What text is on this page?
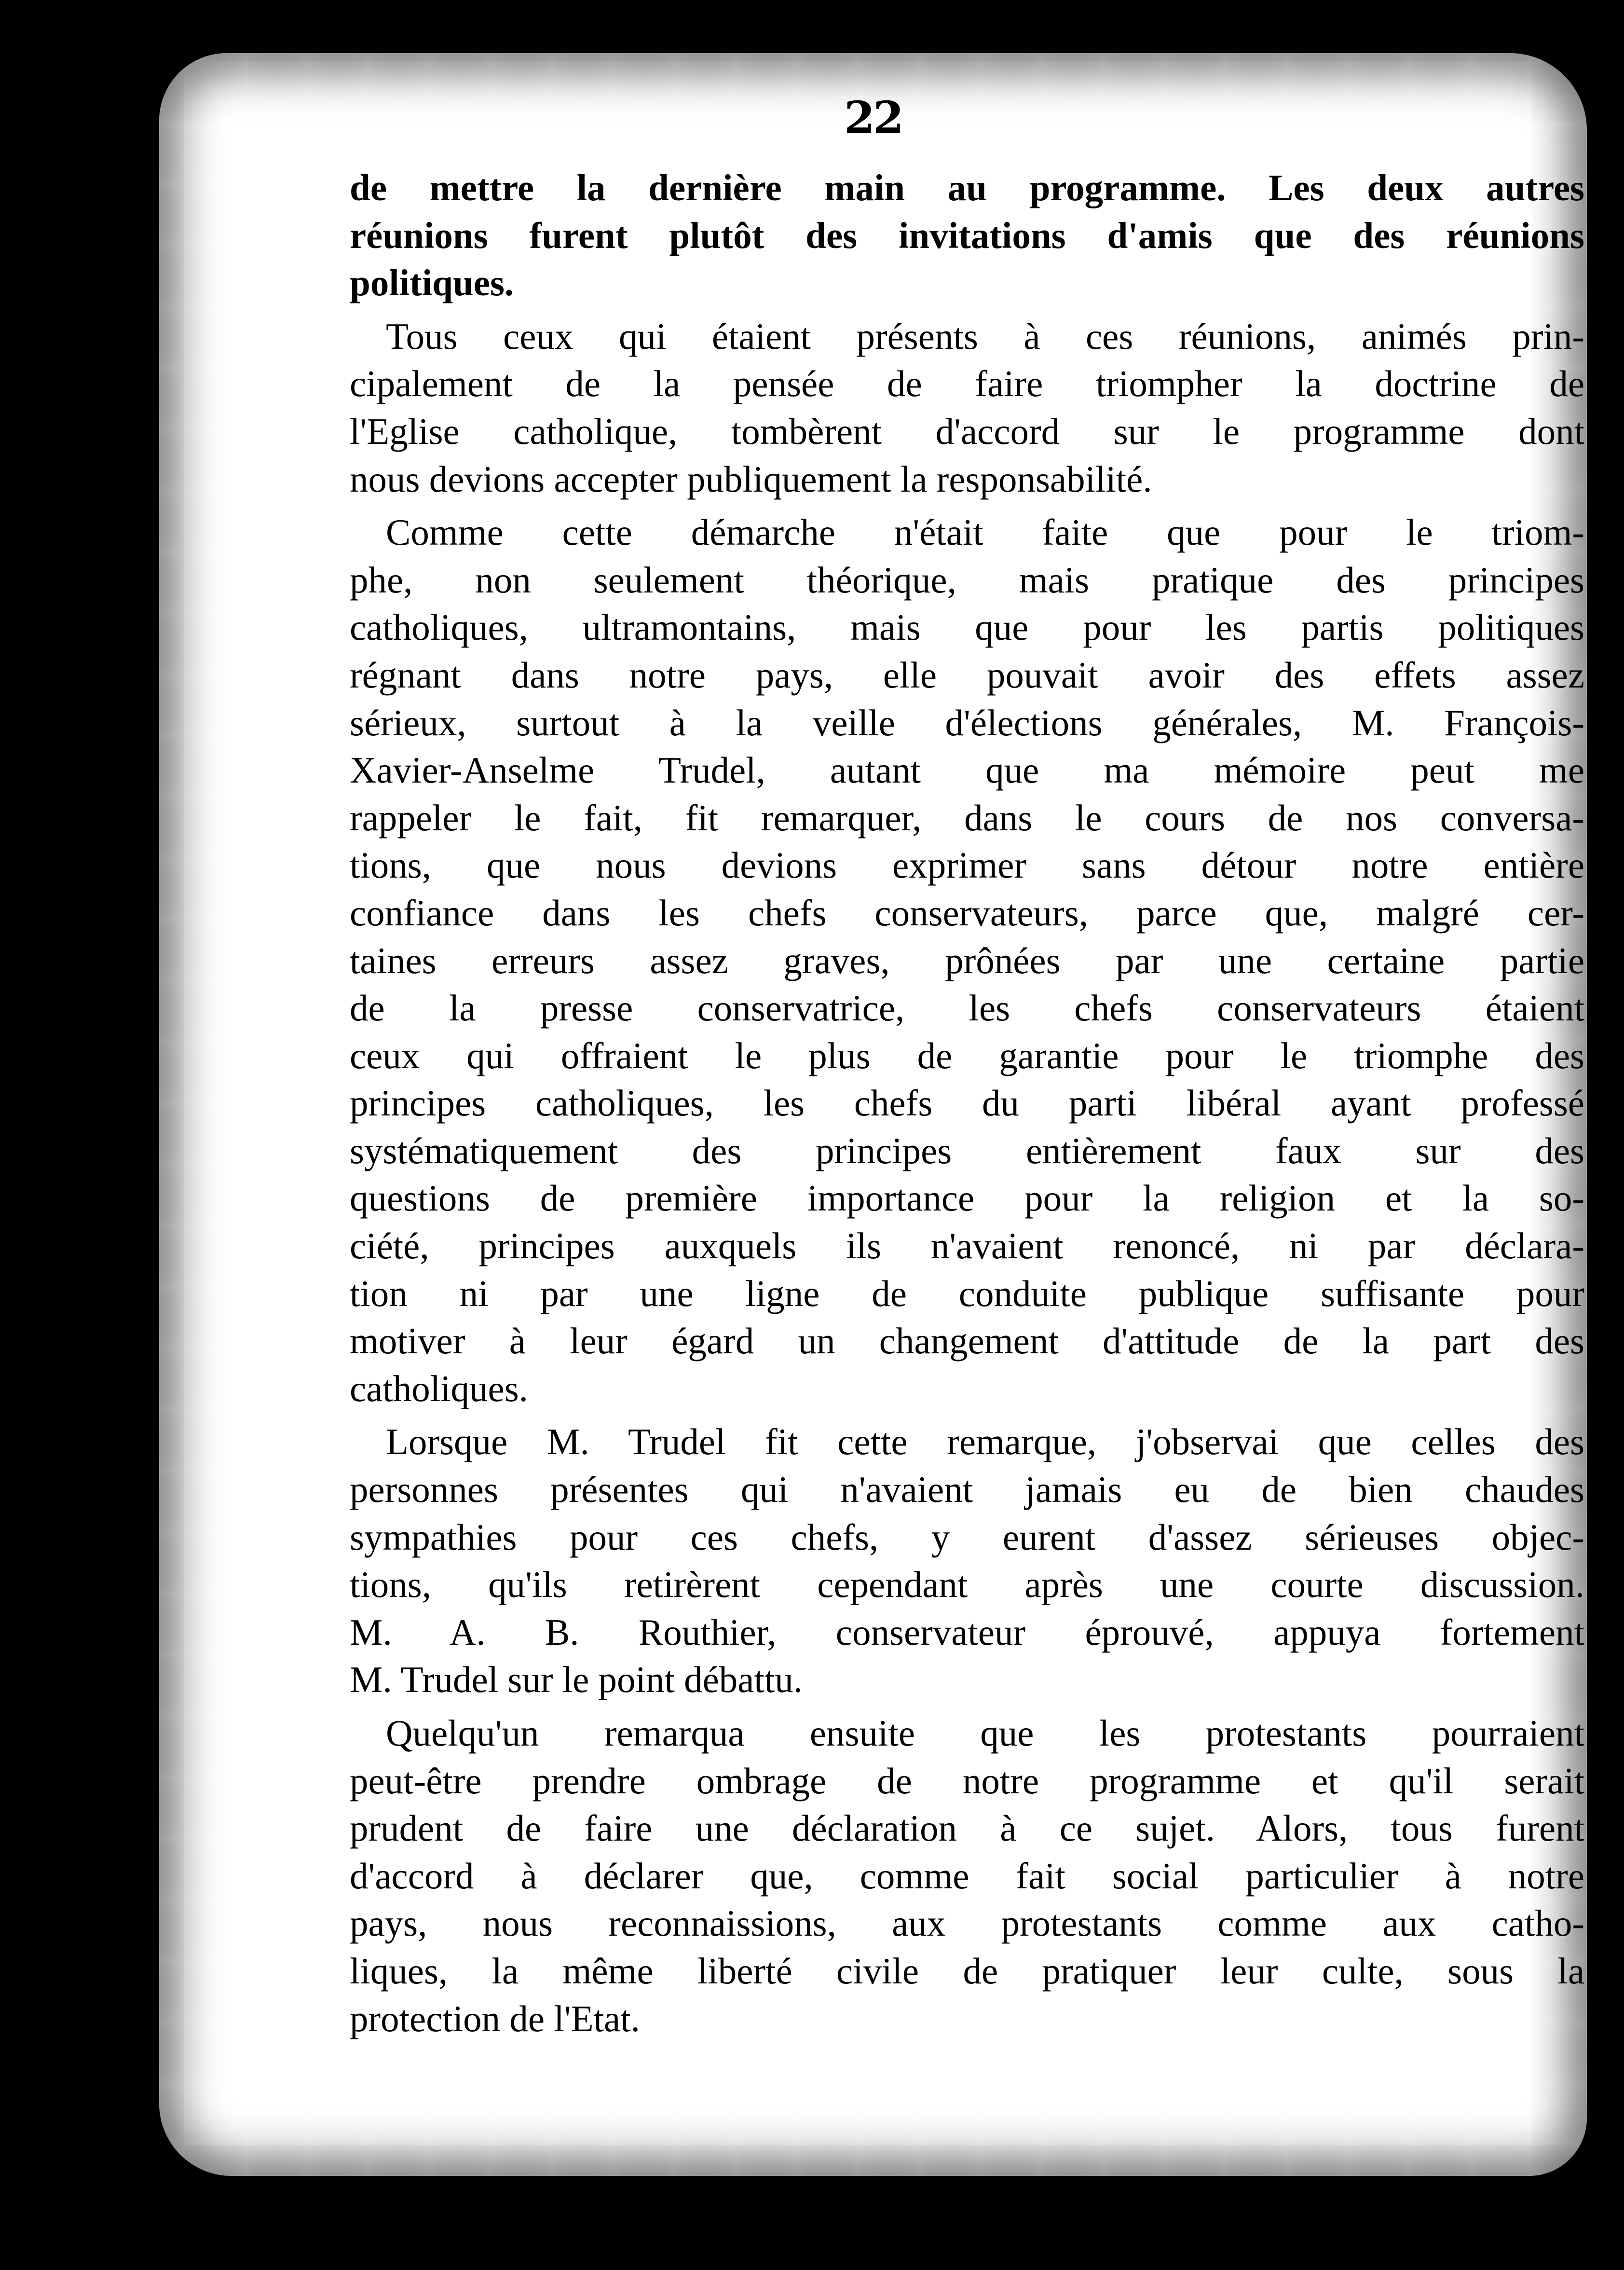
22
de mettre la dernière main au programme. Les deux autres
réunions furent plutôt des invitations d'amis que des réunions
politiques.
Tous ceux qui étaient présents à ces réunions, animés prin-
cipalement de la pensée de faire triompher la doctrine de
l'Eglise catholique, tombèrent d'accord sur le programme dont
nous devions accepter publiquement la responsabilité.
Comme cette démarche n'était faite que pour le triom-
phe, non seulement théorique, mais pratique des principes
catholiques, ultramontains, mais que pour les partis politiques
régnant dans notre pays, elle pouvait avoir des effets assez
sérieux, surtout à la veille d'élections générales, M. François-
Xavier-Anselme Trudel, autant que ma mémoire peut me
rappeler le fait, fit remarquer, dans le cours de nos conversa-
tions, que nous devions exprimer sans détour notre entière
confiance dans les chefs conservateurs, parce que, malgré cer-
taines erreurs assez graves, prônées par une certaine partie
de la presse conservatrice, les chefs conservateurs étaient
ceux qui offraient le plus de garantie pour le triomphe des
principes catholiques, les chefs du parti libéral ayant professé
systématiquement des principes entièrement faux sur des
questions de première importance pour la religion et la so-
ciété, principes auxquels ils n'avaient renoncé, ni par déclara-
tion ni par une ligne de conduite publique suffisante pour
motiver à leur égard un changement d'attitude de la part des
catholiques.
Lorsque M. Trudel fit cette remarque, j'observai que celles des
personnes présentes qui n'avaient jamais eu de bien chaudes
sympathies pour ces chefs, y eurent d'assez sérieuses objec-
tions, qu'ils retirèrent cependant après une courte discussion.
M. A. B. Routhier, conservateur éprouvé, appuya fortement
M. Trudel sur le point débattu.
Quelqu'un remarqua ensuite que les protestants pourraient
peut-être prendre ombrage de notre programme et qu'il serait
prudent de faire une déclaration à ce sujet. Alors, tous furent
d'accord à déclarer que, comme fait social particulier à notre
pays, nous reconnaissions, aux protestants comme aux catho-
liques, la même liberté civile de pratiquer leur culte, sous la
protection de l'Etat.
